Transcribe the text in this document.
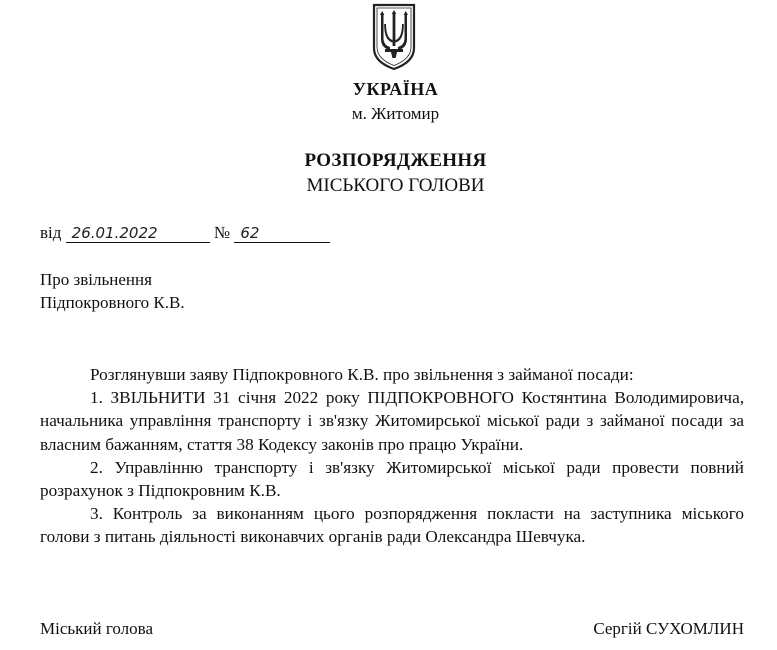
УКРАЇНА
м. Житомир
РОЗПОРЯДЖЕННЯ
МІСЬКОГО ГОЛОВИ
від 26.01.2022	№ 62
Про звільнення
Підпокровного К.В.

Розглянувши заяву Підпокровного К.В. про звільнення з займаної посади:

1. ЗВІЛЬНИТИ 31 січня 2022 року ПІДПОКРОВНОГО Костянтина Володимировича, начальника управління транспорту і зв'язку Житомирської міської ради з займаної посади за власним бажанням, стаття 38 Кодексу законів про працю України.

2. Управлінню транспорту і зв'язку Житомирської міської ради провести повний розрахунок з Підпокровним К.В.

3. Контроль за виконанням цього розпорядження покласти на заступника міського голови з питань діяльності виконавчих органів ради Олександра Шевчука.

Міський голова	Сергій СУХОМЛИН
